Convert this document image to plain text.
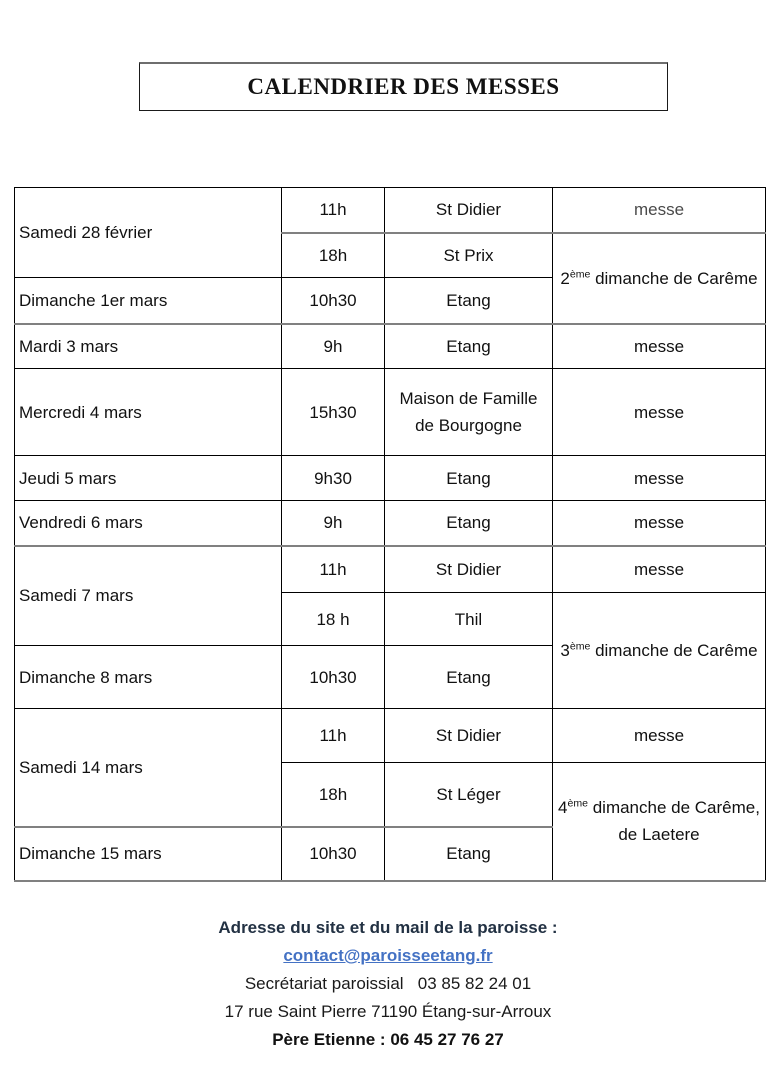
CALENDRIER DES MESSES
Samedi 28 février	11h	St Didier	messe
	18h	St Prix	2ème dimanche de Carême
Dimanche 1er mars	10h30	Etang	
Mardi 3 mars	9h	Etang	messe
Mercredi 4 mars	15h30	Maison de Famille de Bourgogne	messe
Jeudi 5 mars	9h30	Etang	messe
Vendredi 6 mars	9h	Etang	messe
Samedi 7 mars	11h	St Didier	messe
	18 h	Thil	3ème dimanche de Carême
Dimanche 8 mars	10h30	Etang	
Samedi 14 mars	11h	St Didier	messe
	18h	St Léger	4ème dimanche de Carême, de Laetere
Dimanche 15 mars	10h30	Etang	
Adresse du site et du mail de la paroisse :
contact@paroisseetang.fr
Secrétariat paroissial   03 85 82 24 01
17 rue Saint Pierre 71190 Étang-sur-Arroux
Père Etienne : 06 45 27 76 27
